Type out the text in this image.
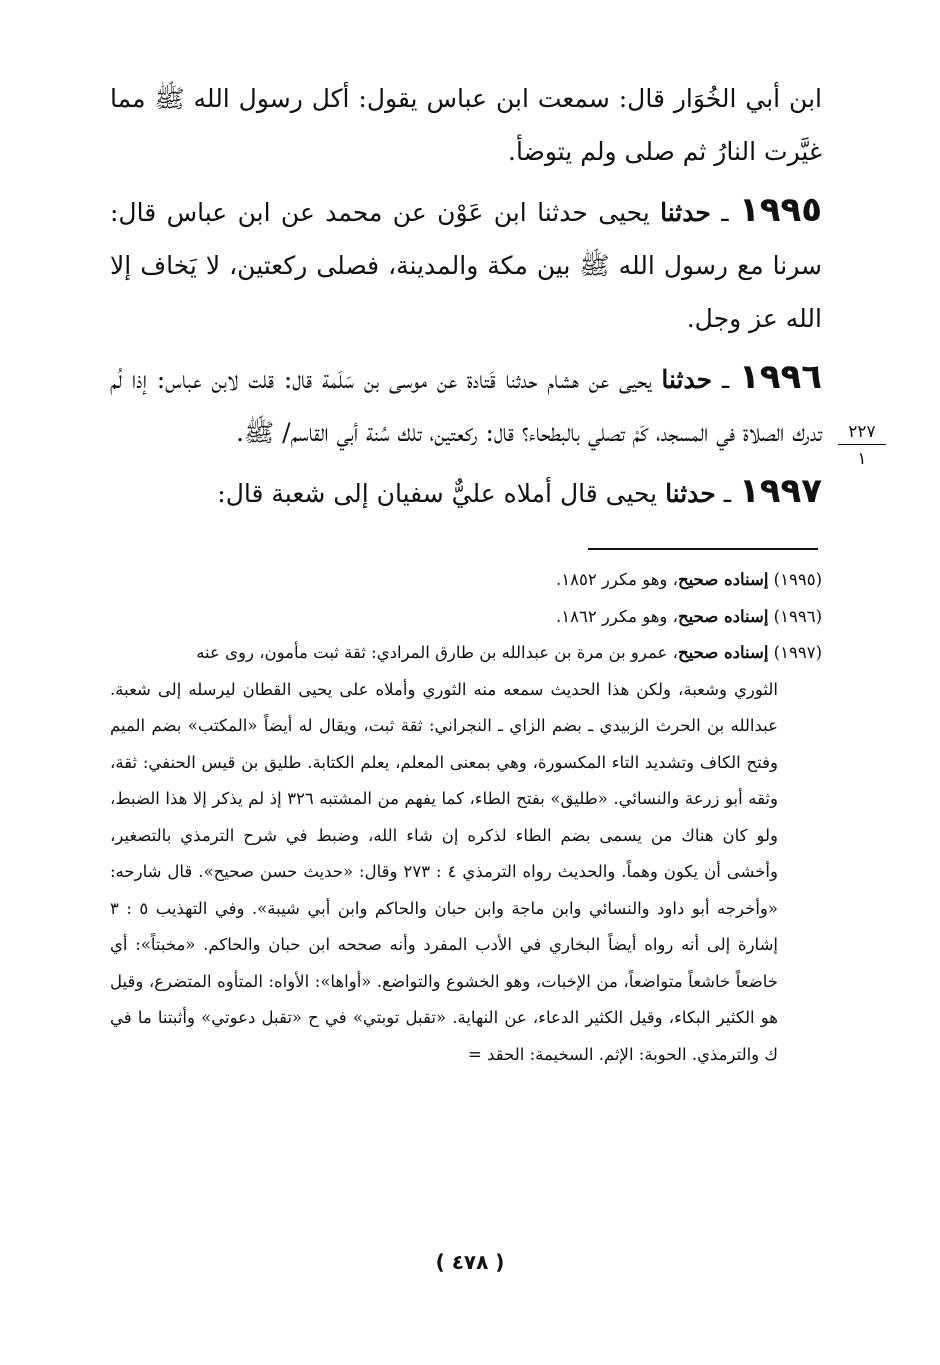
ابن أبي الخُوَار قال: سمعت ابن عباس يقول: أكل رسول الله ﷺ مما غيَّرت النارُ ثم صلى ولم يتوضأ.

١٩٩٥ ـ حدثنا يحيى حدثنا ابن عَوْن عن محمد عن ابن عباس قال: سرنا مع رسول الله ﷺ بين مكة والمدينة، فصلى ركعتين، لا يَخاف إلا الله عز وجل.

١٩٩٦ ـ حدثنا يحيى عن هشام حدثنا قَتادة عن موسى بن سَلَمة قال: قلت لابن عباس: إذا لُم تدرك الصلاة في المسجد، كَمْ تصلي بالبطحاء؟ قال: ركعتين، تلك سُنة أبي القاسم/ ﷺ.

١٩٩٧ ـ حدثنا يحيى قال أملاه عليٌّ سفيان إلى شعبة قال:

٢٢٧
١

(١٩٩٥) إسناده صحيح، وهو مكرر ١٨٥٢.

(١٩٩٦) إسناده صحيح، وهو مكرر ١٨٦٢.

(١٩٩٧) إسناده صحيح، عمرو بن مرة بن عبدالله بن طارق المرادي: ثقة ثبت مأمون، روى عنه

الثوري وشعبة، ولكن هذا الحديث سمعه منه الثوري وأملاه على يحيى القطان ليرسله إلى شعبة. عبدالله بن الحرث الزبيدي ـ بضم الزاي ـ النجراني: ثقة ثبت، ويقال له أيضاً «المكتب» بضم الميم وفتح الكاف وتشديد التاء المكسورة، وهي بمعنى المعلم، يعلم الكتابة. طليق بن قيس الحنفي: ثقة، وثقه أبو زرعة والنسائي. «طليق» بفتح الطاء، كما يفهم من المشتبه ٣٢٦ إذ لم يذكر إلا هذا الضبط، ولو كان هناك من يسمى بضم الطاء لذكره إن شاء الله، وضبط في شرح الترمذي بالتصغير، وأخشى أن يكون وهماً. والحديث رواه الترمذي ٤ : ٢٧٣ وقال: «حديث حسن صحيح». قال شارحه: «وأخرجه أبو داود والنسائي وابن ماجة وابن حبان والحاكم وابن أبي شيبة». وفي التهذيب ٥ : ٣ إشارة إلى أنه رواه أيضاً البخاري في الأدب المفرد وأنه صححه ابن حبان والحاكم. «مخبتاً»: أي خاضعاً خاشعاً متواضعاً، من الإخبات، وهو الخشوع والتواضع. «أواها»: الأواه: المتأوه المتضرع، وقيل هو الكثير البكاء، وقيل الكثير الدعاء، عن النهاية. «تقبل توبتي» في ح «تقبل دعوتي» وأثبتنا ما في ك والترمذي. الحوبة: الإثم. السخيمة: الحقد =

( ٤٧٨ )
